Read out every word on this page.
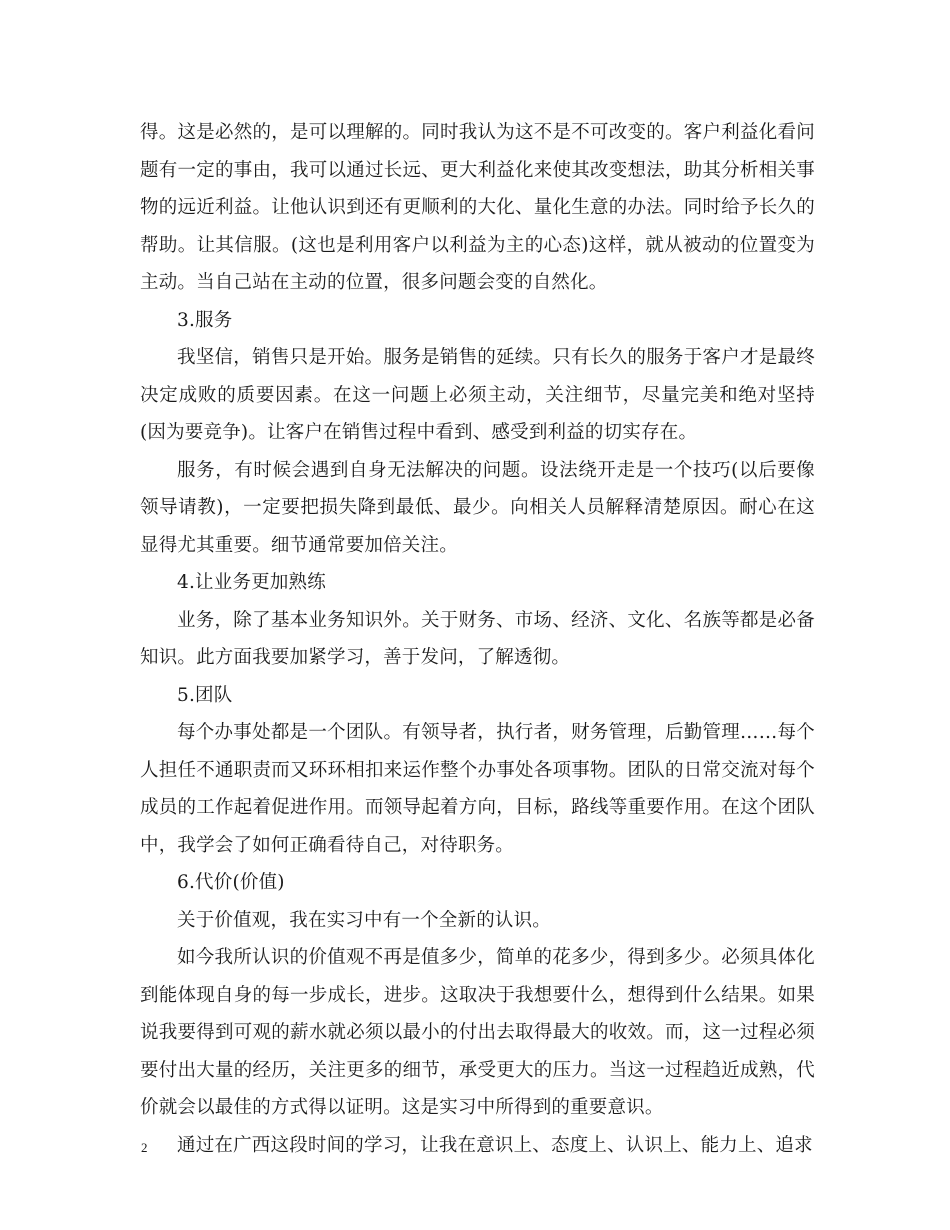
得。这是必然的，是可以理解的。同时我认为这不是不可改变的。客户利益化看问题有一定的事由，我可以通过长远、更大利益化来使其改变想法，助其分析相关事物的远近利益。让他认识到还有更顺利的大化、量化生意的办法。同时给予长久的帮助。让其信服。(这也是利用客户以利益为主的心态)这样，就从被动的位置变为主动。当自己站在主动的位置，很多问题会变的自然化。

3.服务

我坚信，销售只是开始。服务是销售的延续。只有长久的服务于客户才是最终决定成败的质要因素。在这一问题上必须主动，关注细节，尽量完美和绝对坚持(因为要竞争)。让客户在销售过程中看到、感受到利益的切实存在。

服务，有时候会遇到自身无法解决的问题。设法绕开走是一个技巧(以后要像领导请教)，一定要把损失降到最低、最少。向相关人员解释清楚原因。耐心在这显得尤其重要。细节通常要加倍关注。

4.让业务更加熟练

业务，除了基本业务知识外。关于财务、市场、经济、文化、名族等都是必备知识。此方面我要加紧学习，善于发问，了解透彻。

5.团队

每个办事处都是一个团队。有领导者，执行者，财务管理，后勤管理……每个人担任不通职责而又环环相扣来运作整个办事处各项事物。团队的日常交流对每个成员的工作起着促进作用。而领导起着方向，目标，路线等重要作用。在这个团队中，我学会了如何正确看待自己，对待职务。

6.代价(价值)

关于价值观，我在实习中有一个全新的认识。

如今我所认识的价值观不再是值多少，简单的花多少，得到多少。必须具体化到能体现自身的每一步成长，进步。这取决于我想要什么，想得到什么结果。如果说我要得到可观的薪水就必须以最小的付出去取得最大的收效。而，这一过程必须要付出大量的经历，关注更多的细节，承受更大的压力。当这一过程趋近成熟，代价就会以最佳的方式得以证明。这是实习中所得到的重要意识。

通过在广西这段时间的学习，让我在意识上、态度上、认识上、能力上、追求

2
